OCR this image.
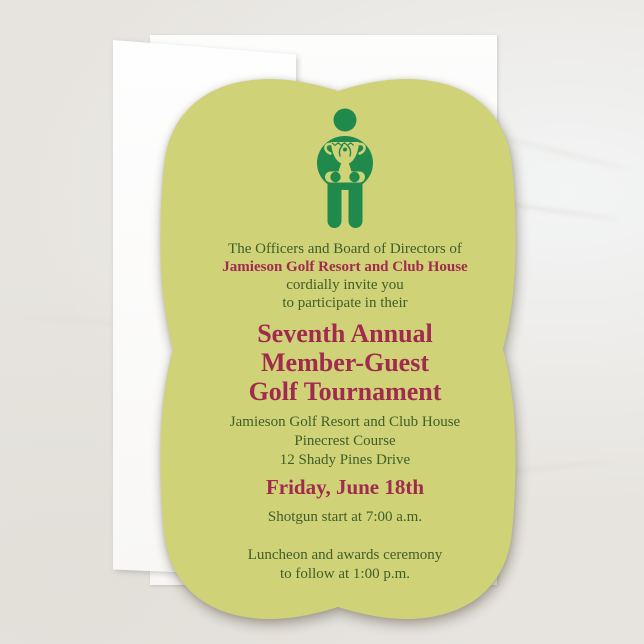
The Officers and Board of Directors of

Jamieson Golf Resort and Club House

cordially invite you

to participate in their

Seventh Annual

Member-Guest

Golf Tournament

Jamieson Golf Resort and Club House

Pinecrest Course

12 Shady Pines Drive

Friday, June 18th

Shotgun start at 7:00 a.m.

Luncheon and awards ceremony

to follow at 1:00 p.m.
